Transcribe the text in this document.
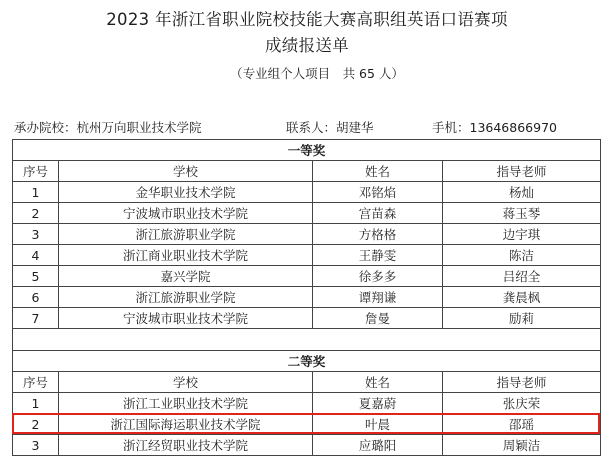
2023 年浙江省职业院校技能大赛高职组英语口语赛项
成绩报送单
（专业组个人项目　共 65 人）
承办院校：杭州万向职业技术学院	联系人：胡建华	手机：13646866970
一等奖			
序号	学校	姓名	指导老师
1	金华职业技术学院	邓铭焰	杨灿
2	宁波城市职业技术学院	宫苗森	蒋玉琴
3	浙江旅游职业学院	方格格	边宇琪
4	浙江商业职业技术学院	王静雯	陈洁
5	嘉兴学院	徐多多	吕绍全
6	浙江旅游职业学院	谭翔谦	龚晨枫
7	宁波城市职业技术学院	詹曼	励莉

二等奖			
序号	学校	姓名	指导老师
1	浙江工业职业技术学院	夏嘉蔚	张庆荣
2	浙江国际海运职业技术学院	叶晨	邵瑶
3	浙江经贸职业技术学院	应璐阳	周颖洁
